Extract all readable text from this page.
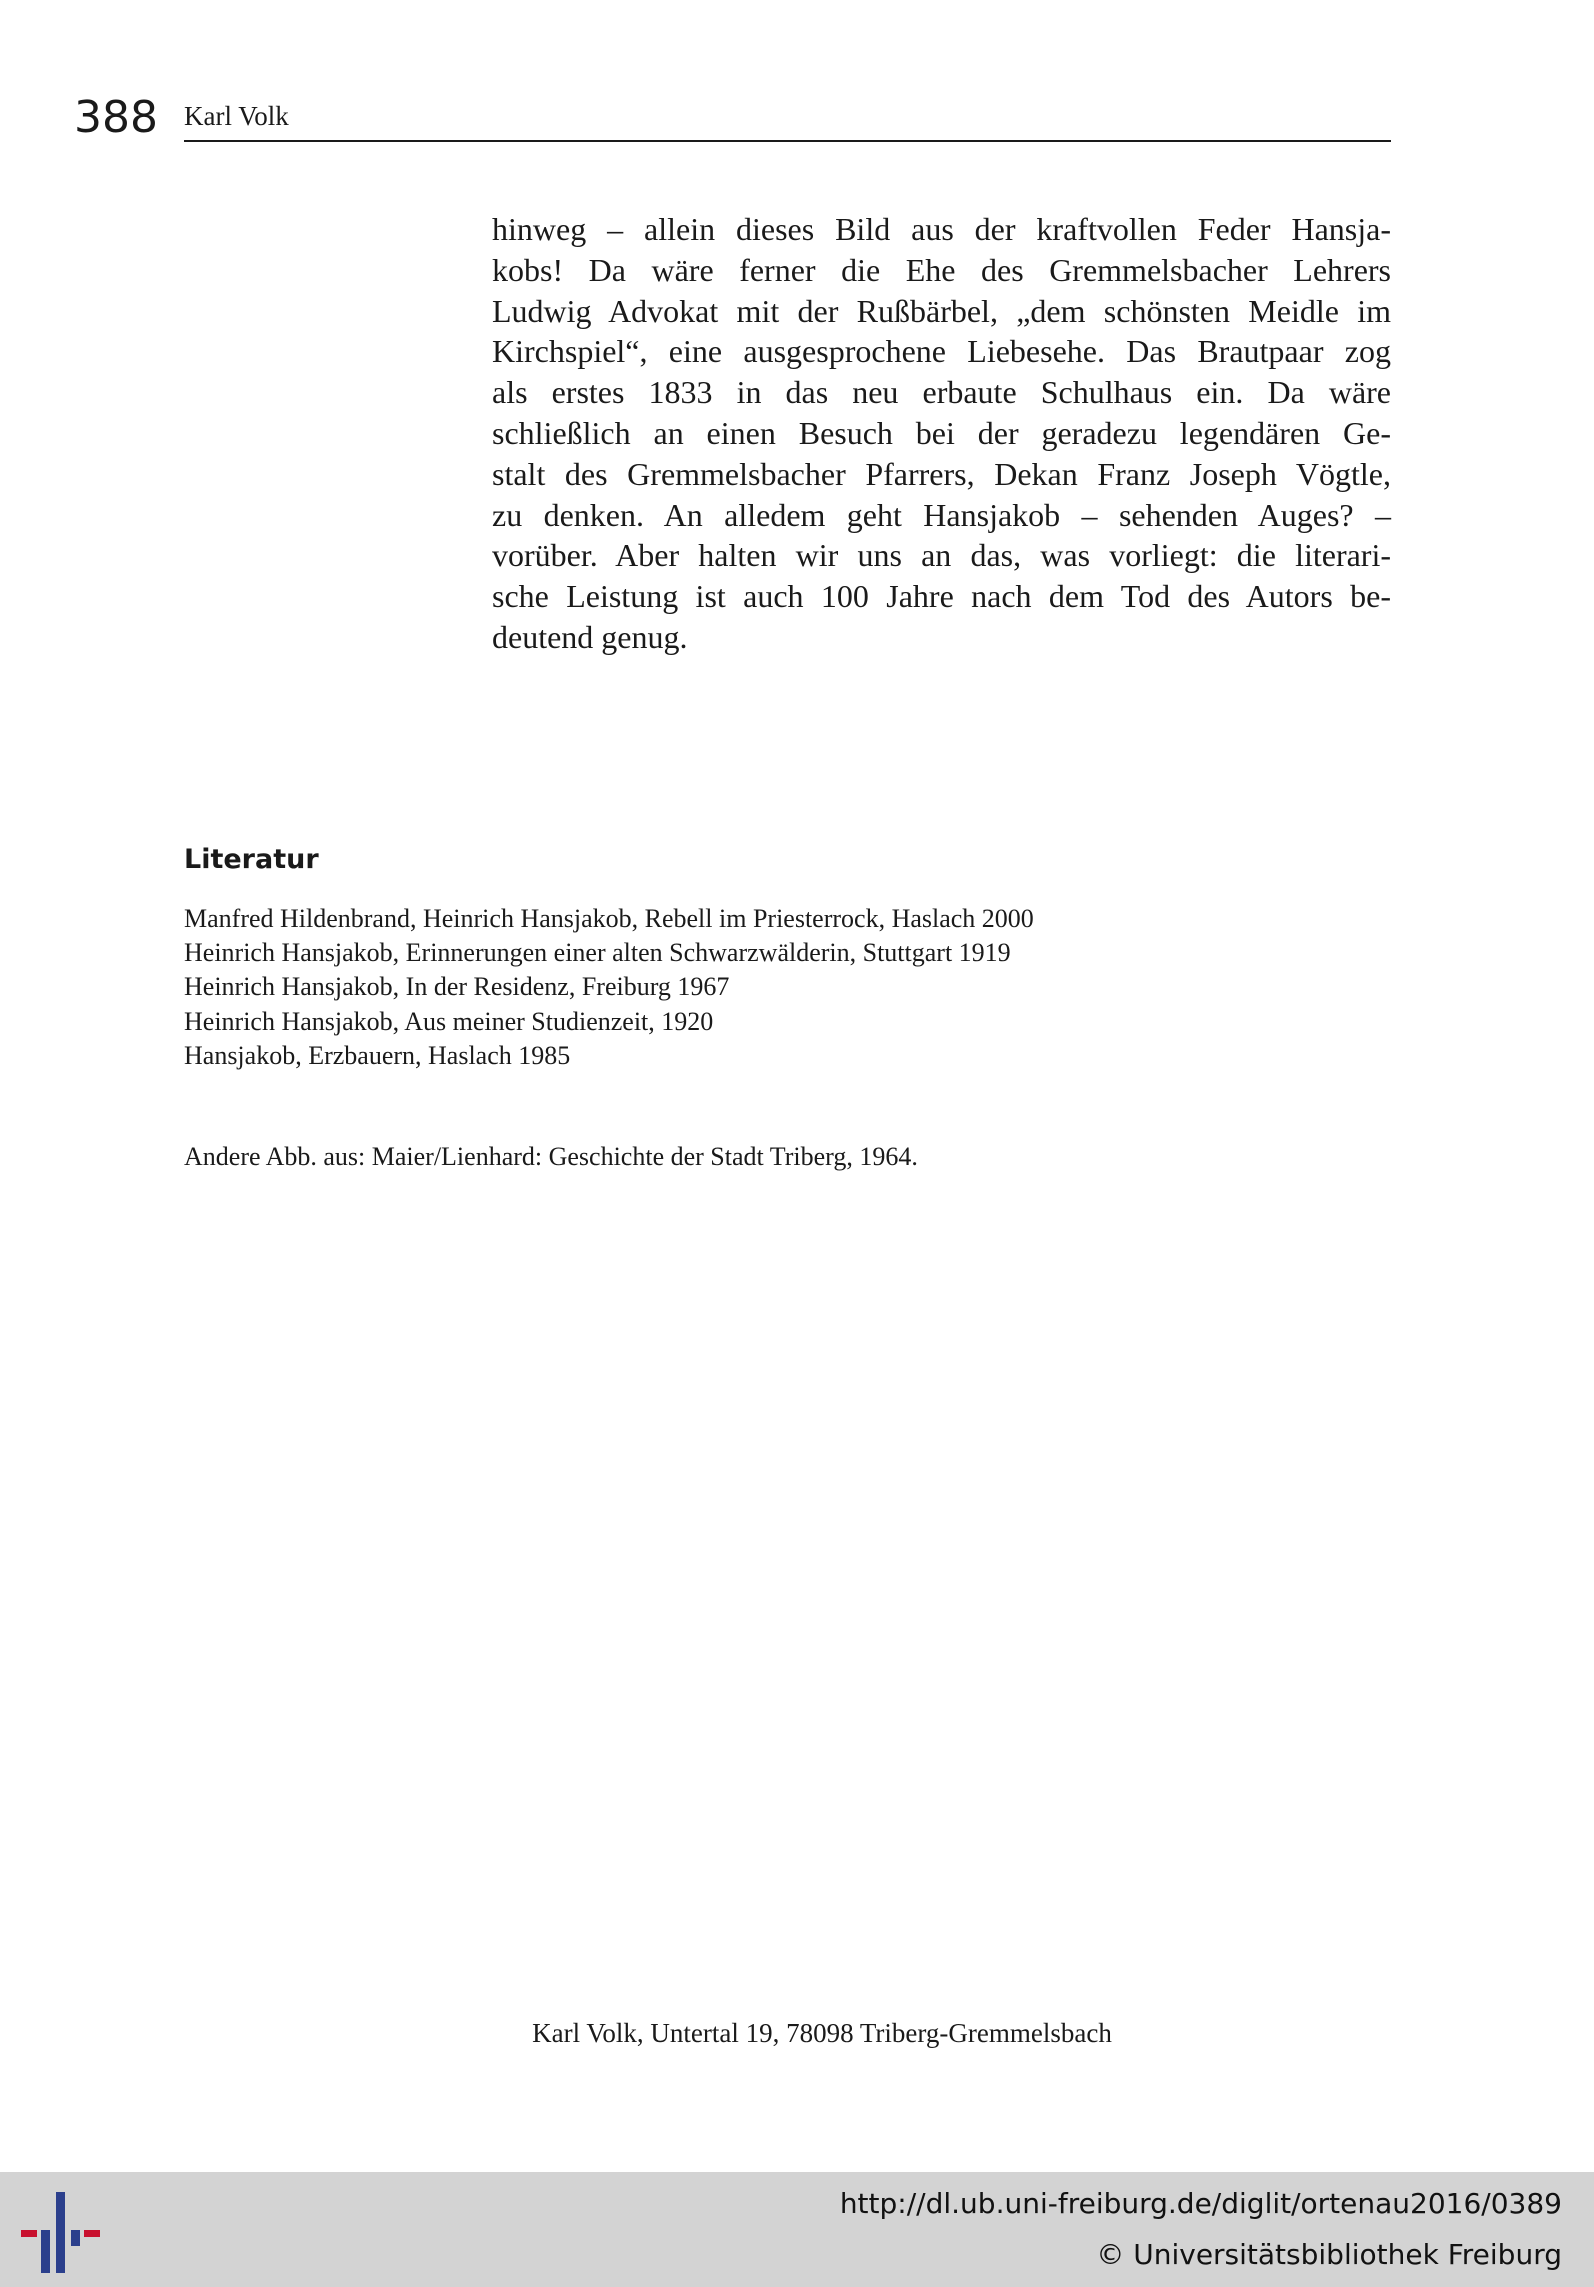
388 Karl Volk
hinweg – allein dieses Bild aus der kraftvollen Feder Hansja-
kobs! Da wäre ferner die Ehe des Gremmelsbacher Lehrers
Ludwig Advokat mit der Rußbärbel, „dem schönsten Meidle im
Kirchspiel“, eine ausgesprochene Liebesehe. Das Brautpaar zog
als erstes 1833 in das neu erbaute Schulhaus ein. Da wäre
schließlich an einen Besuch bei der geradezu legendären Ge-
stalt des Gremmelsbacher Pfarrers, Dekan Franz Joseph Vögtle,
zu denken. An alledem geht Hansjakob – sehenden Auges? –
vorüber. Aber halten wir uns an das, was vorliegt: die literari-
sche Leistung ist auch 100 Jahre nach dem Tod des Autors be-
deutend genug.
Literatur
Manfred Hildenbrand, Heinrich Hansjakob, Rebell im Priesterrock, Haslach 2000
Heinrich Hansjakob, Erinnerungen einer alten Schwarzwälderin, Stuttgart 1919
Heinrich Hansjakob, In der Residenz, Freiburg 1967
Heinrich Hansjakob, Aus meiner Studienzeit, 1920
Hansjakob, Erzbauern, Haslach 1985
Andere Abb. aus: Maier/Lienhard: Geschichte der Stadt Triberg, 1964.
Karl Volk, Untertal 19, 78098 Triberg-Gremmelsbach
http://dl.ub.uni-freiburg.de/diglit/ortenau2016/0389
© Universitätsbibliothek Freiburg
